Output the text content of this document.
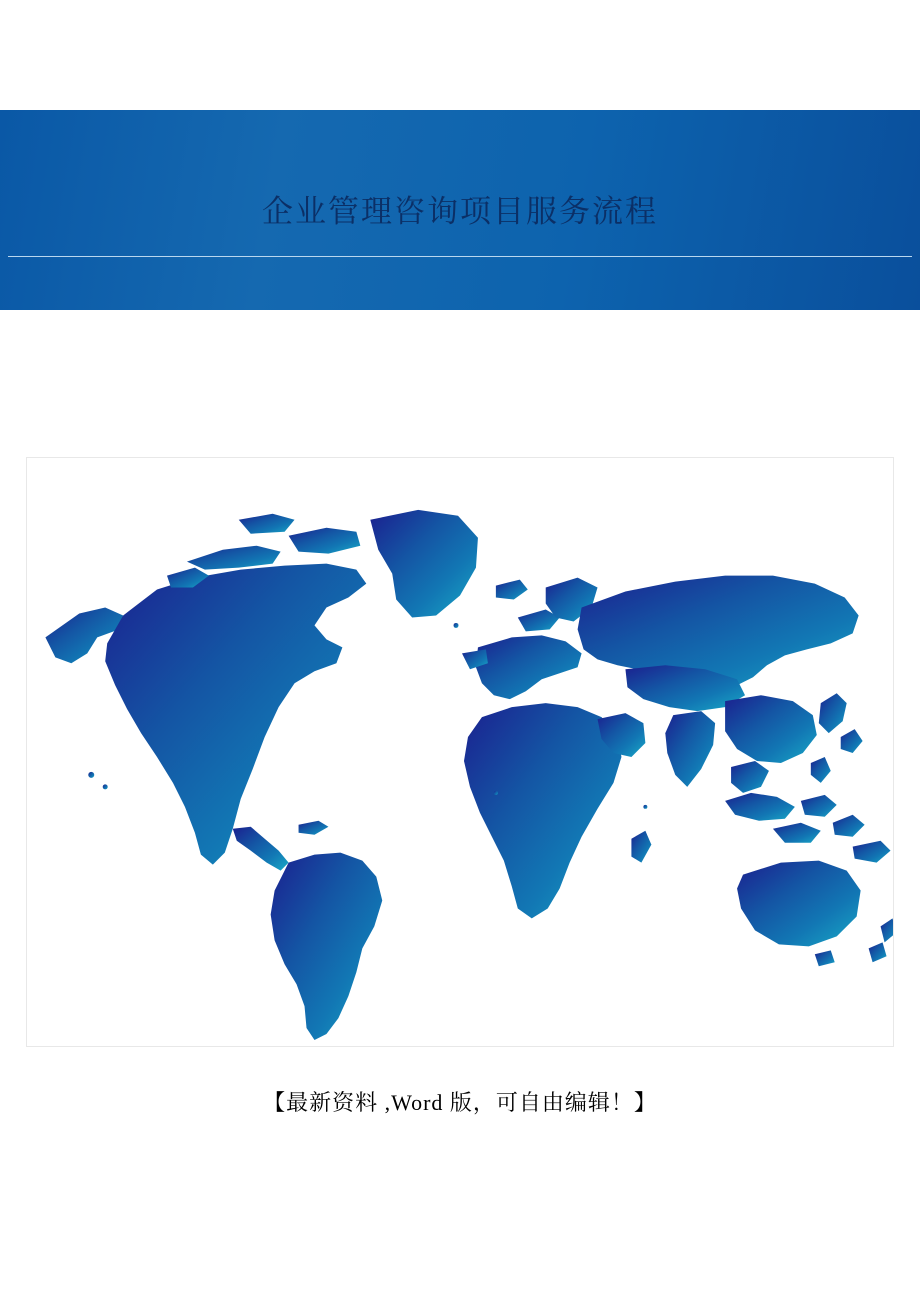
企业管理咨询项目服务流程
【最新资料 ,Word 版，可自由编辑！】
